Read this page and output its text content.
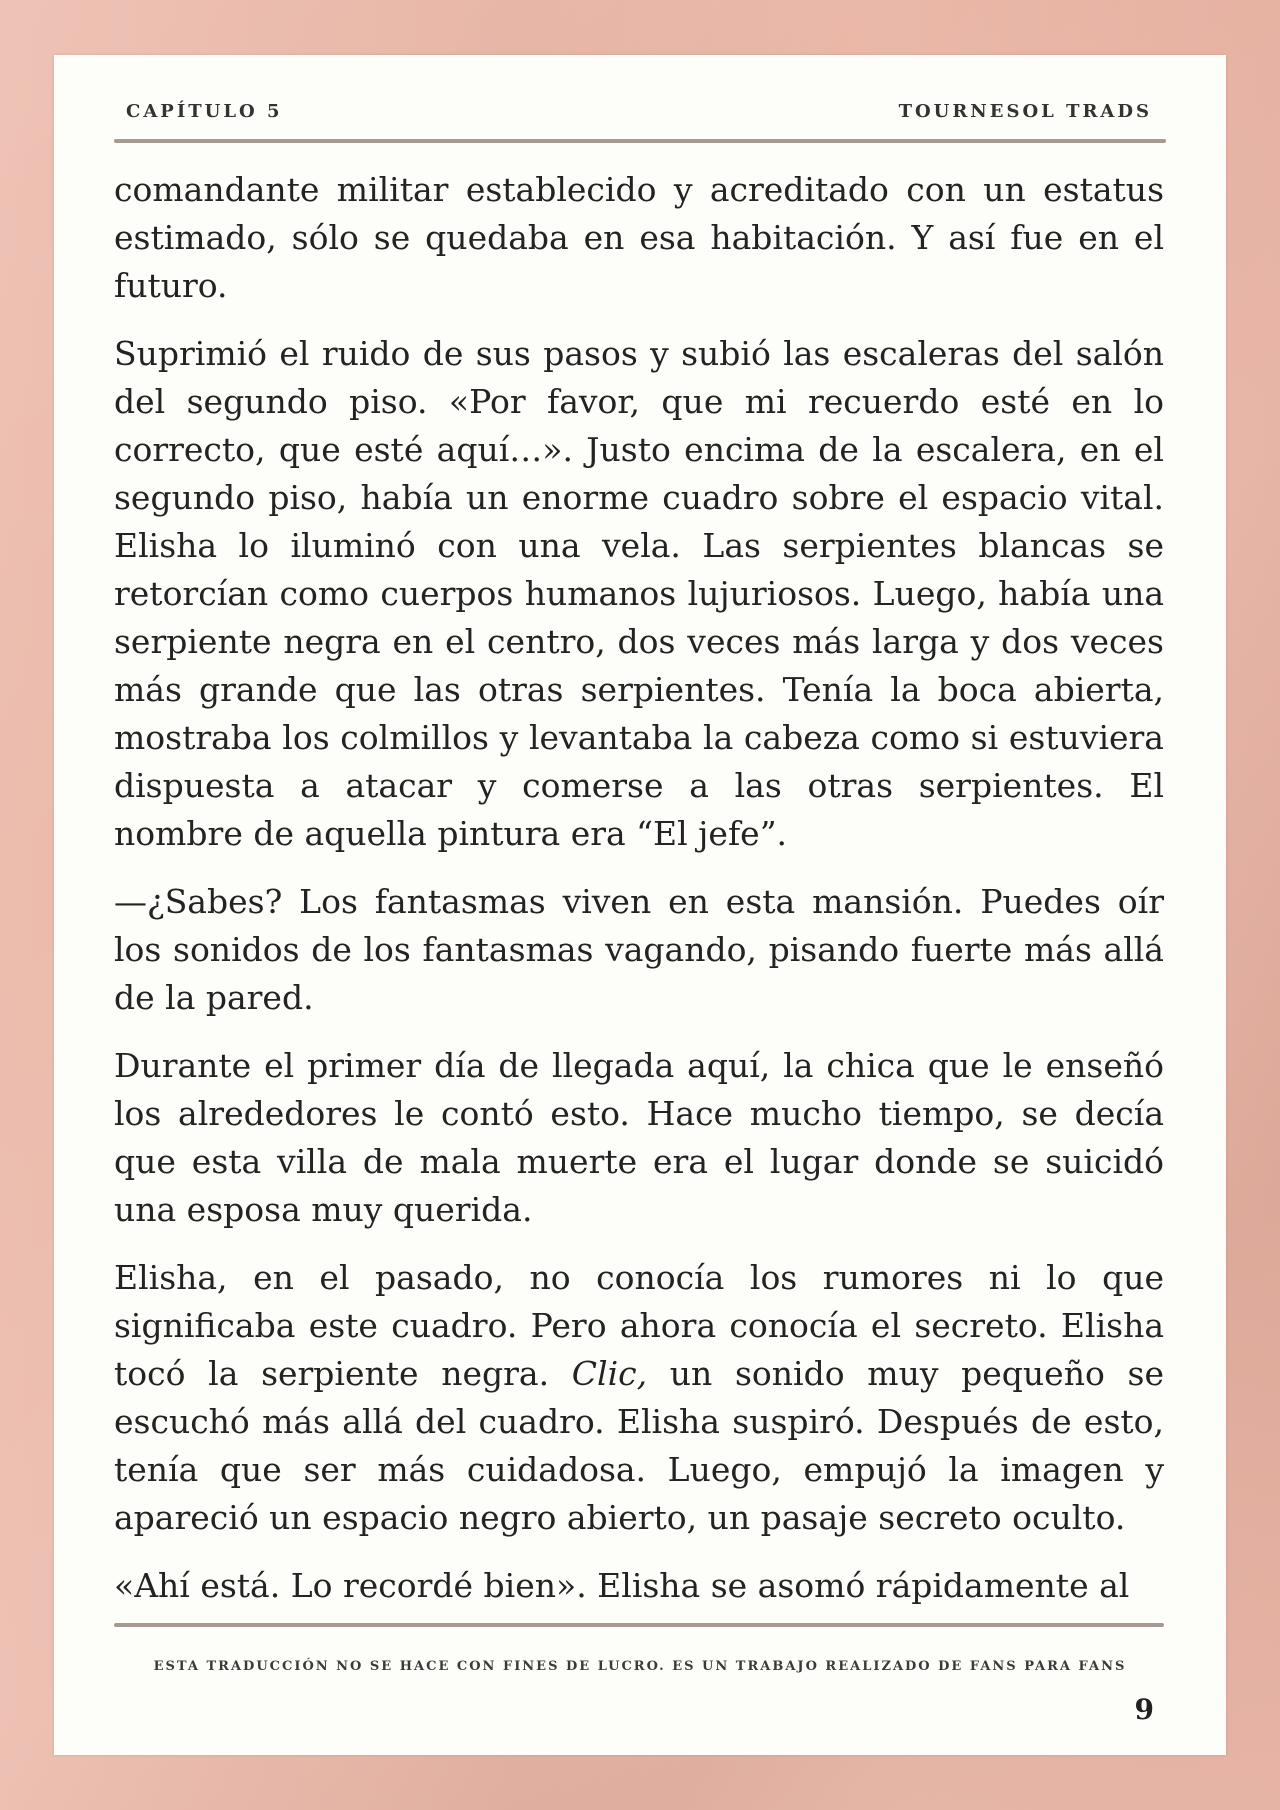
CAPÍTULO 5	TOURNESOL TRADS

comandante militar establecido y acreditado con un estatus estimado, sólo se quedaba en esa habitación. Y así fue en el futuro.

Suprimió el ruido de sus pasos y subió las escaleras del salón del segundo piso. «Por favor, que mi recuerdo esté en lo correcto, que esté aquí…». Justo encima de la escalera, en el segundo piso, había un enorme cuadro sobre el espacio vital. Elisha lo iluminó con una vela. Las serpientes blancas se retorcían como cuerpos humanos lujuriosos. Luego, había una serpiente negra en el centro, dos veces más larga y dos veces más grande que las otras serpientes. Tenía la boca abierta, mostraba los colmillos y levantaba la cabeza como si estuviera dispuesta a atacar y comerse a las otras serpientes. El nombre de aquella pintura era “El jefe”.

—¿Sabes? Los fantasmas viven en esta mansión. Puedes oír los sonidos de los fantasmas vagando, pisando fuerte más allá de la pared.

Durante el primer día de llegada aquí, la chica que le enseñó los alrededores le contó esto. Hace mucho tiempo, se decía que esta villa de mala muerte era el lugar donde se suicidó una esposa muy querida.

Elisha, en el pasado, no conocía los rumores ni lo que significaba este cuadro. Pero ahora conocía el secreto. Elisha tocó la serpiente negra. Clic, un sonido muy pequeño se escuchó más allá del cuadro. Elisha suspiró. Después de esto, tenía que ser más cuidadosa. Luego, empujó la imagen y apareció un espacio negro abierto, un pasaje secreto oculto.

«Ahí está. Lo recordé bien». Elisha se asomó rápidamente al

ESTA TRADUCCIÓN NO SE HACE CON FINES DE LUCRO. ES UN TRABAJO REALIZADO DE FANS PARA FANS
9
